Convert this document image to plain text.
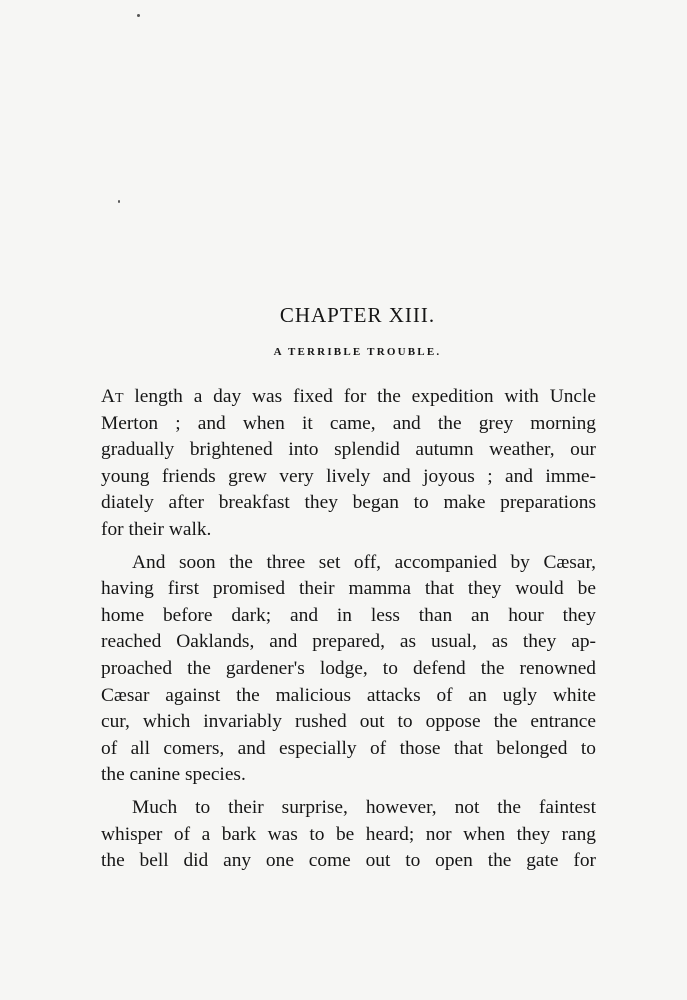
CHAPTER XIII.
A TERRIBLE TROUBLE.

At length a day was fixed for the expedition with Uncle
Merton ; and when it came, and the grey morning
gradually brightened into splendid autumn weather, our
young friends grew very lively and joyous ; and imme-
diately after breakfast they began to make preparations
for their walk.

And soon the three set off, accompanied by Cæsar,
having first promised their mamma that they would be
home before dark; and in less than an hour they
reached Oaklands, and prepared, as usual, as they ap-
proached the gardener's lodge, to defend the renowned
Cæsar against the malicious attacks of an ugly white
cur, which invariably rushed out to oppose the entrance
of all comers, and especially of those that belonged to
the canine species.

Much to their surprise, however, not the faintest
whisper of a bark was to be heard; nor when they rang
the bell did any one come out to open the gate for
